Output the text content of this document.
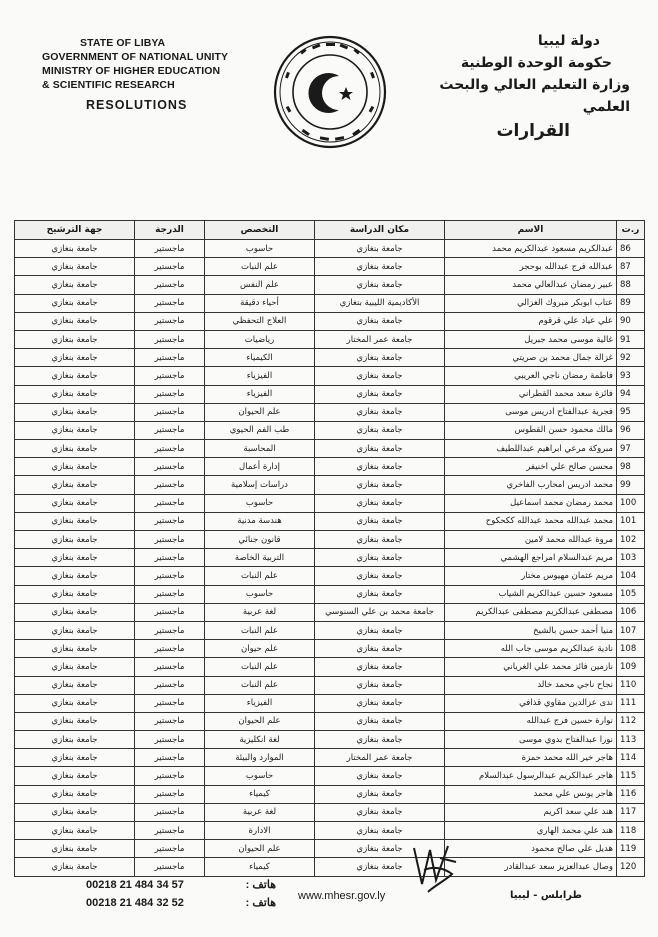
STATE OF LIBYA
GOVERNMENT OF NATIONAL UNITY
MINISTRY OF HIGHER EDUCATION
& SCIENTIFIC RESEARCH
RESOLUTIONS
دولة ليبيا
حكومة الوحدة الوطنية
وزارة التعليم العالي والبحث العلمي
القرارات
ر.ت	الاسم	مكان الدراسة	التخصص	الدرجة	جهة الترشيح
86	عبدالكريم مسعود عبدالكريم محمد	جامعة بنغازي	حاسوب	ماجستير	جامعة بنغازي
87	عبدالله فرج عبدالله بوحجر	جامعة بنغازي	علم النبات	ماجستير	جامعة بنغازي
88	عبير رمضان عبدالعالي محمد	جامعة بنغازي	علم النفس	ماجستير	جامعة بنغازي
89	عتاب ابوبكر مبروك الغزالي	الأكاديمية الليبية بنغازي	أحياء دقيقة	ماجستير	جامعة بنغازي
90	علي عياد علي قرقوم	جامعة بنغازي	العلاج التحفظي	ماجستير	جامعة بنغازي
91	غالية موسى محمد جبريل	جامعة عمر المختار	رياضيات	ماجستير	جامعة بنغازي
92	غزالة جمال محمد بن صريتي	جامعة بنغازي	الكيمياء	ماجستير	جامعة بنغازي
93	فاطمة رمضان ناجي العريبي	جامعة بنغازي	الفيزياء	ماجستير	جامعة بنغازي
94	فائزة سعد محمد القطراني	جامعة بنغازي	الفيزياء	ماجستير	جامعة بنغازي
95	فجرية عبدالفتاح ادريس موسى	جامعة بنغازي	علم الحيوان	ماجستير	جامعة بنغازي
96	مالك محمود حسن القطوس	جامعة بنغازي	طب الفم الحيوي	ماجستير	جامعة بنغازي
97	مبروكة مرعي ابراهيم عبداللطيف	جامعة بنغازي	المحاسبة	ماجستير	جامعة بنغازي
98	محسن صالح علي اخنيفر	جامعة بنغازي	إدارة أعمال	ماجستير	جامعة بنغازي
99	محمد ادريس امحارب الفاخري	جامعة بنغازي	دراسات إسلامية	ماجستير	جامعة بنغازي
100	محمد رمضان محمد اسماعيل	جامعة بنغازي	حاسوب	ماجستير	جامعة بنغازي
101	محمد عبدالله محمد عبدالله ككحكوح	جامعة بنغازي	هندسة مدنية	ماجستير	جامعة بنغازي
102	مروة عبدالله محمد لامين	جامعة بنغازي	قانون جنائي	ماجستير	جامعة بنغازي
103	مريم عبدالسلام امراجع الهشمي	جامعة بنغازي	التربية الخاصة	ماجستير	جامعة بنغازي
104	مريم عثمان مهيوس مختار	جامعة بنغازي	علم النبات	ماجستير	جامعة بنغازي
105	مسعود حسين عبدالكريم الشياب	جامعة بنغازي	حاسوب	ماجستير	جامعة بنغازي
106	مصطفى عبدالكريم مصطفى عبدالكريم	جامعة محمد بن علي السنوسي	لغة عربية	ماجستير	جامعة بنغازي
107	منيا أحمد حسن بالشيخ	جامعة بنغازي	علم النبات	ماجستير	جامعة بنغازي
108	نادية عبدالكريم موسى جاب الله	جامعة بنغازي	علم حيوان	ماجستير	جامعة بنغازي
109	نازمين فائز محمد علي الغرياني	جامعة بنغازي	علم النبات	ماجستير	جامعة بنغازي
110	نجاح ناجي محمد خالد	جامعة بنغازي	علم النبات	ماجستير	جامعة بنغازي
111	ندى عزالدين مقاوي قذافي	جامعة بنغازي	الفيزياء	ماجستير	جامعة بنغازي
112	نوارة حسين فرج عبدالله	جامعة بنغازي	علم الحيوان	ماجستير	جامعة بنغازي
113	نورا عبدالفتاح بدوي موسى	جامعة بنغازي	لغة انكليزية	ماجستير	جامعة بنغازي
114	هاجر خير الله محمد حمزة	جامعة عمر المختار	الموارد والبيئة	ماجستير	جامعة بنغازي
115	هاجر عبدالكريم عبدالرسول عبدالسلام	جامعة بنغازي	حاسوب	ماجستير	جامعة بنغازي
116	هاجر يونس علي محمد	جامعة بنغازي	كيمياء	ماجستير	جامعة بنغازي
117	هند علي سعد اكريم	جامعة بنغازي	لغة عربية	ماجستير	جامعة بنغازي
118	هند علي محمد الهاري	جامعة بنغازي	الادارة	ماجستير	جامعة بنغازي
119	هديل علي صالح محمود	جامعة بنغازي	علم الحيوان	ماجستير	جامعة بنغازي
120	وصال عبدالعزيز سعد عبدالقادر	جامعة بنغازي	كيمياء	ماجستير	جامعة بنغازي
00218 21 484 34 57	هاتف :
00218 21 484 32 52	هاتف :
www.mhesr.gov.ly	طرابلس - ليبيا
